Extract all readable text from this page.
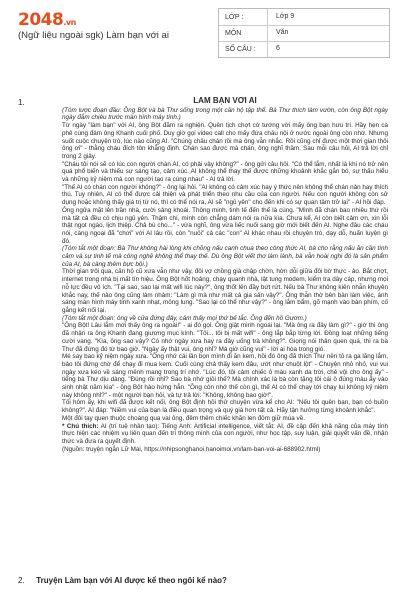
2048.vn
(Ngữ liệu ngoài sgk) Làm bạn với ai
LỚP :	Lớp 9
MÔN	Văn
SỐ CÂU :	6
1.	LÀM BẠN VỚI AI

(Tóm lược đoạn đầu: Ông Bột và bà Thư sống trong một căn hộ tập thể. Bà Thư thích làm vườn, còn ông Bột ngày ngày đắm chiêu trước màn hình máy tính.)

Từ ngày "làm bạn" với AI, ông Bột đăm ra nghiện. Quên tịch chợt cờ tướng với mấy ông bạn hưu trí. Hầy hẹn cà phê cùng đám ông Khanh cuối phố. Duy giờ gọi video call cho mấy đứa cháu nội ở nước ngoài ông còn nhớ. Nhưng suốt cuộc chuyện trò, lúc nào cũng AI. "Chúng cháu chán rồi mà ông vẫn nhắc. Rồi cũng chỉ được một thời gian thôi ông ơi" - thằng cháu đích tôn khẳng định. Chán sao được mà chán, ông nghĩ thầm. Sau mỗi câu hỏi, AI trả lời chỉ trong 2 giây.

"Cháu tôi nói sẽ có lúc con người chán AI, có phải vậy không?" - ông gửi câu hỏi. "Có thể lắm, nhất là khi nó trở nên quá phổ biến và thiếu sự sáng tạo, cảm xúc. AI không thể thay thế được những khoảnh khắc gắn bó, sự thấu hiểu và những kỷ niệm mà con người tạo ra cùng nhau" - AI trả lời.

"Thế AI có chán con người không?" - ông lại hỏi. "AI không có cảm xúc hay ý thức nên không thể chán nản hay thích thú. Tuy nhiên, AI có thể được cải thiện và phát triển theo nhu cầu của con người. Nếu con người không còn sử dụng hoặc không thấy giá trị từ nó, thì có thể nói ra, AI sẽ "ngủ yên" cho đến khi có sự quan tâm trở lại" - AI hồi đáp.

Ông ngửa mặt lên trần nhà, cười sảng khoái. Thông minh, tinh tế đến thế là cùng. "Mình đã chán bao nhiêu thứ rồi mà tất cả đều có chịu ngủ yên. Thậm chí, mình còn chẳng dám nói ra nữa kìa. Chưa kể, AI còn biết cảm ơn, xin lỗi thật ngọt ngào, lịch thiệp. Chả bù cho..." - vừa nghĩ, ông vừa liếc nuối sang giờ mới biết đến AI. Nghe đâu các cháu nói, càng ngoại đã "chơi" với AI lâu rồi, còn "nuôi" cả các "con" AI khác nhau rồi chuyện trò, dạy dỗ, huấn luyện gì đó.

(Tóm tắt một đoạn: Bà Thư không hài lòng khi chồng nấu canh chua theo công thức AI, bà cho rằng nấu ăn cần tình cảm và sự tinh tế mà công nghệ không thể thay thế. Dù ông Bột viết thơ làm lành, bà vẫn hoài nghi đó là sản phẩm của AI, bà càng thêm bực bội.)

Thời gian trôi qua, căn hộ cũ xưa vẫn như vậy, đôi vợ chồng già chập chờn, hờn dỗi giữa đôi bờ thực - ảo. Bắt chợt, internet trong nhà bị mất tín hiệu. Ông Bột hốt hoảng, chạy quanh nhà, lật tung modem, kiểm tra dây cáp, nhưng mọi nỗ lực đều vô ích. "Tại sao, sao lại mất wifi lúc này?", ông thốt lên đầy bứt rứt. Nếu bà Thư không kiên nhẫn khuyên khắc nay, thế nào ông cũng làm nhảm: "Làm gì mà như mất cả gia sản vậy?". Ông thẫn thờ bên bàn làm việc, ánh sáng màn hình máy tính xanh nhạt, mông lung. "Sao lại có thể như vậy?" - ông lắm bẩm, gõ mạnh vào bàn phím, cố gắng kết nối lại.

(Tóm tắt một đoạn: ông về cửa đứng đây, cảm thấy mọi thứ bế tắc. Ông đến hồ Gươm.)

"Ông Bột! Lâu lắm mới thấy ông ra ngoài!" - ai đó gọi. Ông giật mình ngoái lại. "Mà ông ra đây làm gì?" - giờ thì ông đã nhận ra ông Khanh đang giương mục kính. "Tôi... tôi bị mất wifi" - ông lắp bắp từng lời. Đồng loạt những tiếng cười vang. "Kìa, ông sao vậy? Có nhớ ngày xưa hay ra đây uống trà không?". Giọng nói thân quen quá, thì ra bà Thư đã đứng đó từ bao giờ. "Ngày ấy thật vui, ông nhỉ? Mà giờ cũng vui" - lời ai hòa trong gió.

Mé say bao kỷ niệm ngày xưa. "Ông nhớ cái lần bọn mình đi ăn kem, hồi đó ông đã thích Thư nên tỏ ra ga lăng lắm, bảo tôi đứng chờ để chạy đi mua kem. Cuối cùng chả thấy kem đâu, ướt như chuột lột" - Chuyện nhỏ nhỏ, vui vui ngày xưa kéo về sáng mênh mang trong trí nhớ. "Lúc đó, tôi cảm chiếc ô màu xanh da trời, chẻ vội cho ông ấy" - tiếng bà Thư dịu dàng. "Đúng rồi nhỉ? Sao bà nhớ giỏi thế? Mà chính xác là bà còn tặng tôi cái ô đúng màu ấy vào sinh nhật năm kia" - ông Bột hào hứng hẳn. "Ông còn nhớ thế còn gì, thế AI có thể chạy tới chạy lui không kỷ niệm này không nhỉ?" - một người bạn hỏi, và tự trả lời: "Không, không bao giờ!".

Tối hôm ấy, khi wifi đã được kết nối, ông Bột định hỏi thử chuyện vừa kể cho AI: "Nếu tôi quên bạn, bạn có buồn không?". AI đáp: "Niềm vui của bạn là điều quan trọng và quý giá hơn tất cả. Hãy tận hưởng từng khoảnh khắc".

Một đôi tay quen thuộc choàng qua vai ông, đêm thêm chiếc khăn len đỏm giữ mùa về.

* Chú thích: AI (trí tuệ nhân tạo): Tiếng Anh: Artificial intelligence, viết tắt: AI, đề cập đến khả năng của máy tính thực hiện các nhiệm vụ liên quan đến trí thông minh của con người, như học tập, suy luận, giải quyết vấn đề, nhận thức và đưa ra quyết định.

(Nguồn: truyện ngắn Lữ Mai, https://nhipsonghanoi.hanoimoi.vn/lam-ban-voi-ai-688902.html)

2. Truyện Làm bạn với AI được kể theo ngôi kể nào?
